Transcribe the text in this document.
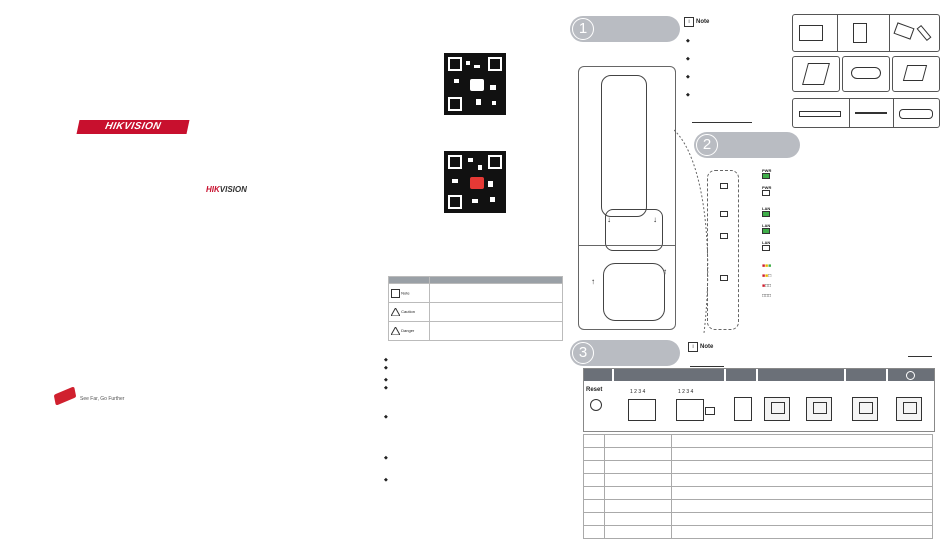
HIKVISION
HIKVISION
See Far, Go Further

Note	
Caution	
Danger	
◆
◆
◆
◆
◆
◆
◆
1	i Note
◆
◆
◆
◆
↑
↑
↓	↓
2
PWR
PWR
LAN
LAN
LAN
■■■
■■□
■□□
□□□
3	i Note
Reset	1 2 3 4	1 2 3 4
